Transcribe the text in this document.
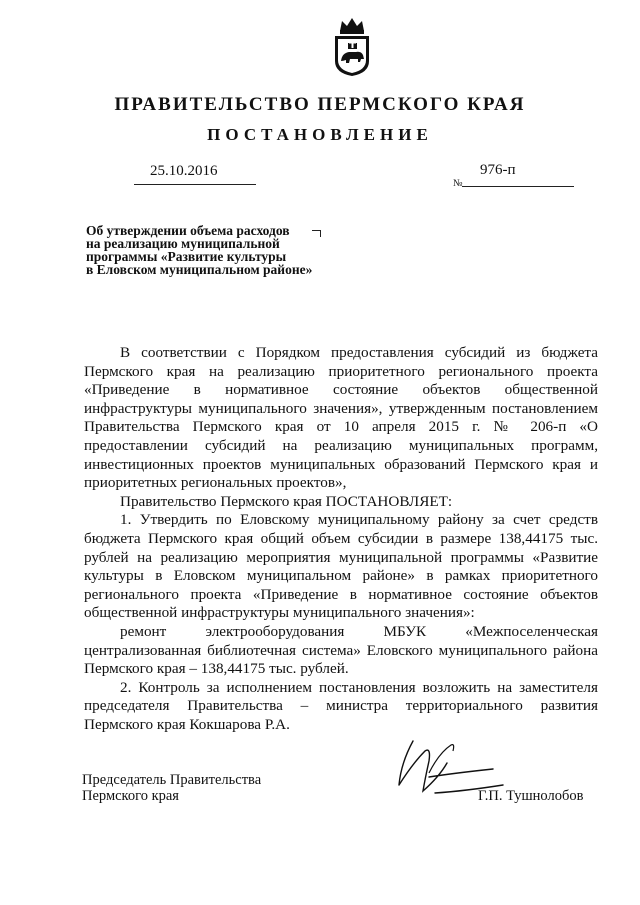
ПРАВИТЕЛЬСТВО ПЕРМСКОГО КРАЯ
ПОСТАНОВЛЕНИЕ
25.10.2016
№
976-п
Об утверждении объема расходов
на реализацию муниципальной
программы «Развитие культуры
в Еловском муниципальном районе»

В соответствии с Порядком предоставления субсидий из бюджета Пермского края на реализацию приоритетного регионального проекта «Приведение в нормативное состояние объектов общественной инфраструктуры муниципального значения», утвержденным постановлением Правительства Пермского края от 10 апреля 2015 г. № 206-п «О предоставлении субсидий на реализацию муниципальных программ, инвестиционных проектов муниципальных образований Пермского края и приоритетных региональных проектов»,

Правительство Пермского края ПОСТАНОВЛЯЕТ:

1. Утвердить по Еловскому муниципальному району за счет средств бюджета Пермского края общий объем субсидии в размере 138,44175 тыс. рублей на реализацию мероприятия муниципальной программы «Развитие культуры в Еловском муниципальном районе» в рамках приоритетного регионального проекта «Приведение в нормативное состояние объектов общественной инфраструктуры муниципального значения»:

ремонт электрооборудования МБУК «Межпоселенческая централизованная библиотечная система» Еловского муниципального района Пермского края – 138,44175 тыс. рублей.

2. Контроль за исполнением постановления возложить на заместителя председателя Правительства – министра территориального развития Пермского края Кокшарова Р.А.

Председатель Правительства
Пермского края	Г.П. Тушнолобов
